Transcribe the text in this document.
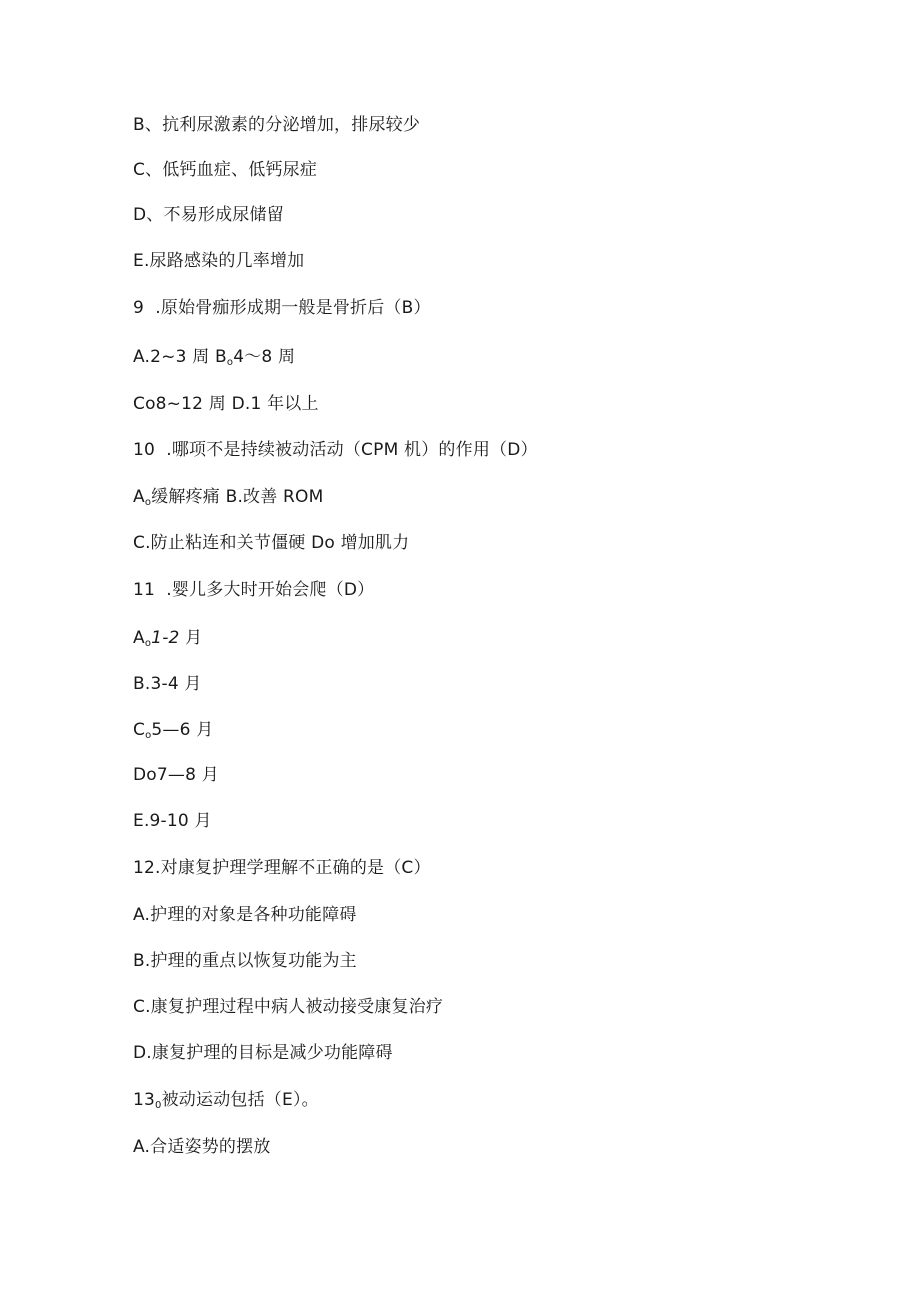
B、抗利尿激素的分泌增加，排尿较少
C、低钙血症、低钙尿症
D、不易形成尿储留
E.尿路感染的几率增加
9  .原始骨痂形成期一般是骨折后（B）
A.2~3 周 $B_o4\sim 8$ 周
Co8~12 周 D.1 年以上
10  .哪项不是持续被动活动（CPM 机）的作用（D）
$A_o$缓解疼痛 B.改善 ROM
C.防止粘连和关节僵硬 Do 增加肌力
11  .婴儿多大时开始会爬（D）
$A_o1-2$ 月
B.3-4 月
$C_o5—6$ 月
Do7—8 月
E.9-10 月
12.对康复护理学理解不正确的是（C）
A.护理的对象是各种功能障碍
B.护理的重点以恢复功能为主
C.康复护理过程中病人被动接受康复治疗
D.康复护理的目标是减少功能障碍
$13_0$被动运动包括（E）。
A.合适姿势的摆放
